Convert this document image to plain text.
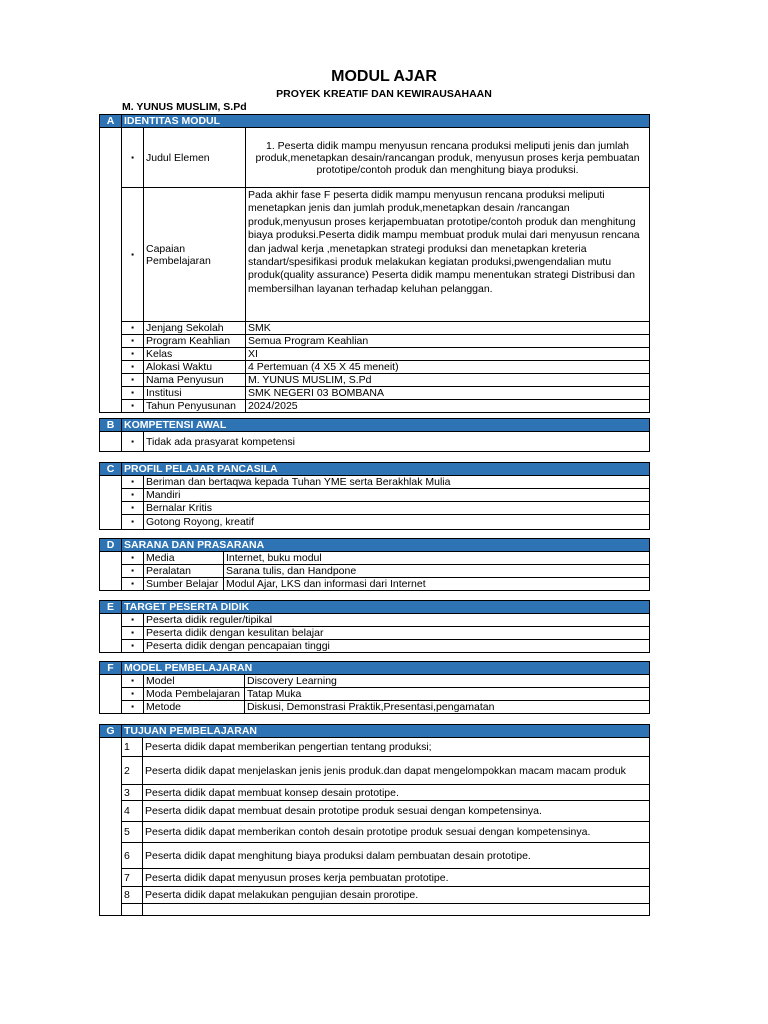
MODUL AJAR
PROYEK KREATIF DAN KEWIRAUSAHAAN
M. YUNUS MUSLIM, S.Pd
A	IDENTITAS MODUL		
	▪	Judul Elemen	1. Peserta didik mampu menyusun rencana produksi meliputi jenis dan jumlah produk,menetapkan desain/rancangan produk, menyusun proses kerja pembuatan prototipe/contoh produk dan menghitung biaya produksi.
	▪	Capaian Pembelajaran	Pada akhir fase F peserta didik mampu menyusun rencana produksi meliputi menetapkan jenis dan jumlah produk,menetapkan desain /rancangan produk,menyusun proses kerjapembuatan prototipe/contoh produk dan menghitung biaya produksi.Peserta didik mampu membuat produk mulai dari menyusun rencana dan jadwal kerja ,menetapkan strategi produksi dan menetapkan kreteria standart/spesifikasi produk melakukan kegiatan produksi,pwengendalian mutu produk(quality assurance) Peserta didik mampu menentukan strategi Distribusi dan membersilhan layanan terhadap keluhan pelanggan.
	▪	Jenjang Sekolah	SMK
	▪	Program Keahlian	Semua Program Keahlian
	▪	Kelas	XI
	▪	Alokasi Waktu	4 Pertemuan (4 X5 X 45 meneit)
	▪	Nama Penyusun	M. YUNUS MUSLIM, S.Pd
	▪	Institusi	SMK NEGERI 03 BOMBANA
	▪	Tahun Penyusunan	2024/2025
B	KOMPETENSI AWAL	
	▪	Tidak ada prasyarat kompetensi
C	PROFIL PELAJAR PANCASILA	
	▪	Beriman dan bertaqwa kepada Tuhan YME serta Berakhlak Mulia
	▪	Mandiri
	▪	Bernalar Kritis
	▪	Gotong Royong, kreatif
D	SARANA DAN PRASARANA		
	▪	Media	Internet, buku modul
	▪	Peralatan	Sarana tulis, dan Handpone
	▪	Sumber Belajar	Modul Ajar, LKS dan informasi dari Internet
E	TARGET PESERTA DIDIK	
	▪	Peserta didik reguler/tipikal
	▪	Peserta didik dengan kesulitan belajar
	▪	Peserta didik dengan pencapaian tinggi
F	MODEL PEMBELAJARAN		
	▪	Model	Discovery Learning
	▪	Moda Pembelajaran	Tatap Muka
	▪	Metode	Diskusi, Demonstrasi Praktik,Presentasi,pengamatan
G	TUJUAN PEMBELAJARAN	
	1	Peserta didik dapat memberikan pengertian tentang produksi;
	2	Peserta didik dapat menjelaskan jenis jenis produk.dan dapat mengelompokkan macam macam produk
	3	Peserta didik dapat membuat konsep desain prototipe.
	4	Peserta didik dapat membuat desain prototipe produk sesuai dengan kompetensinya.
	5	Peserta didik dapat memberikan contoh desain prototipe produk sesuai dengan kompetensinya.
	6	Peserta didik dapat menghitung biaya produksi dalam pembuatan desain prototipe.
	7	Peserta didik dapat menyusun proses kerja pembuatan prototipe.
	8	Peserta didik dapat melakukan pengujian desain prorotipe.
